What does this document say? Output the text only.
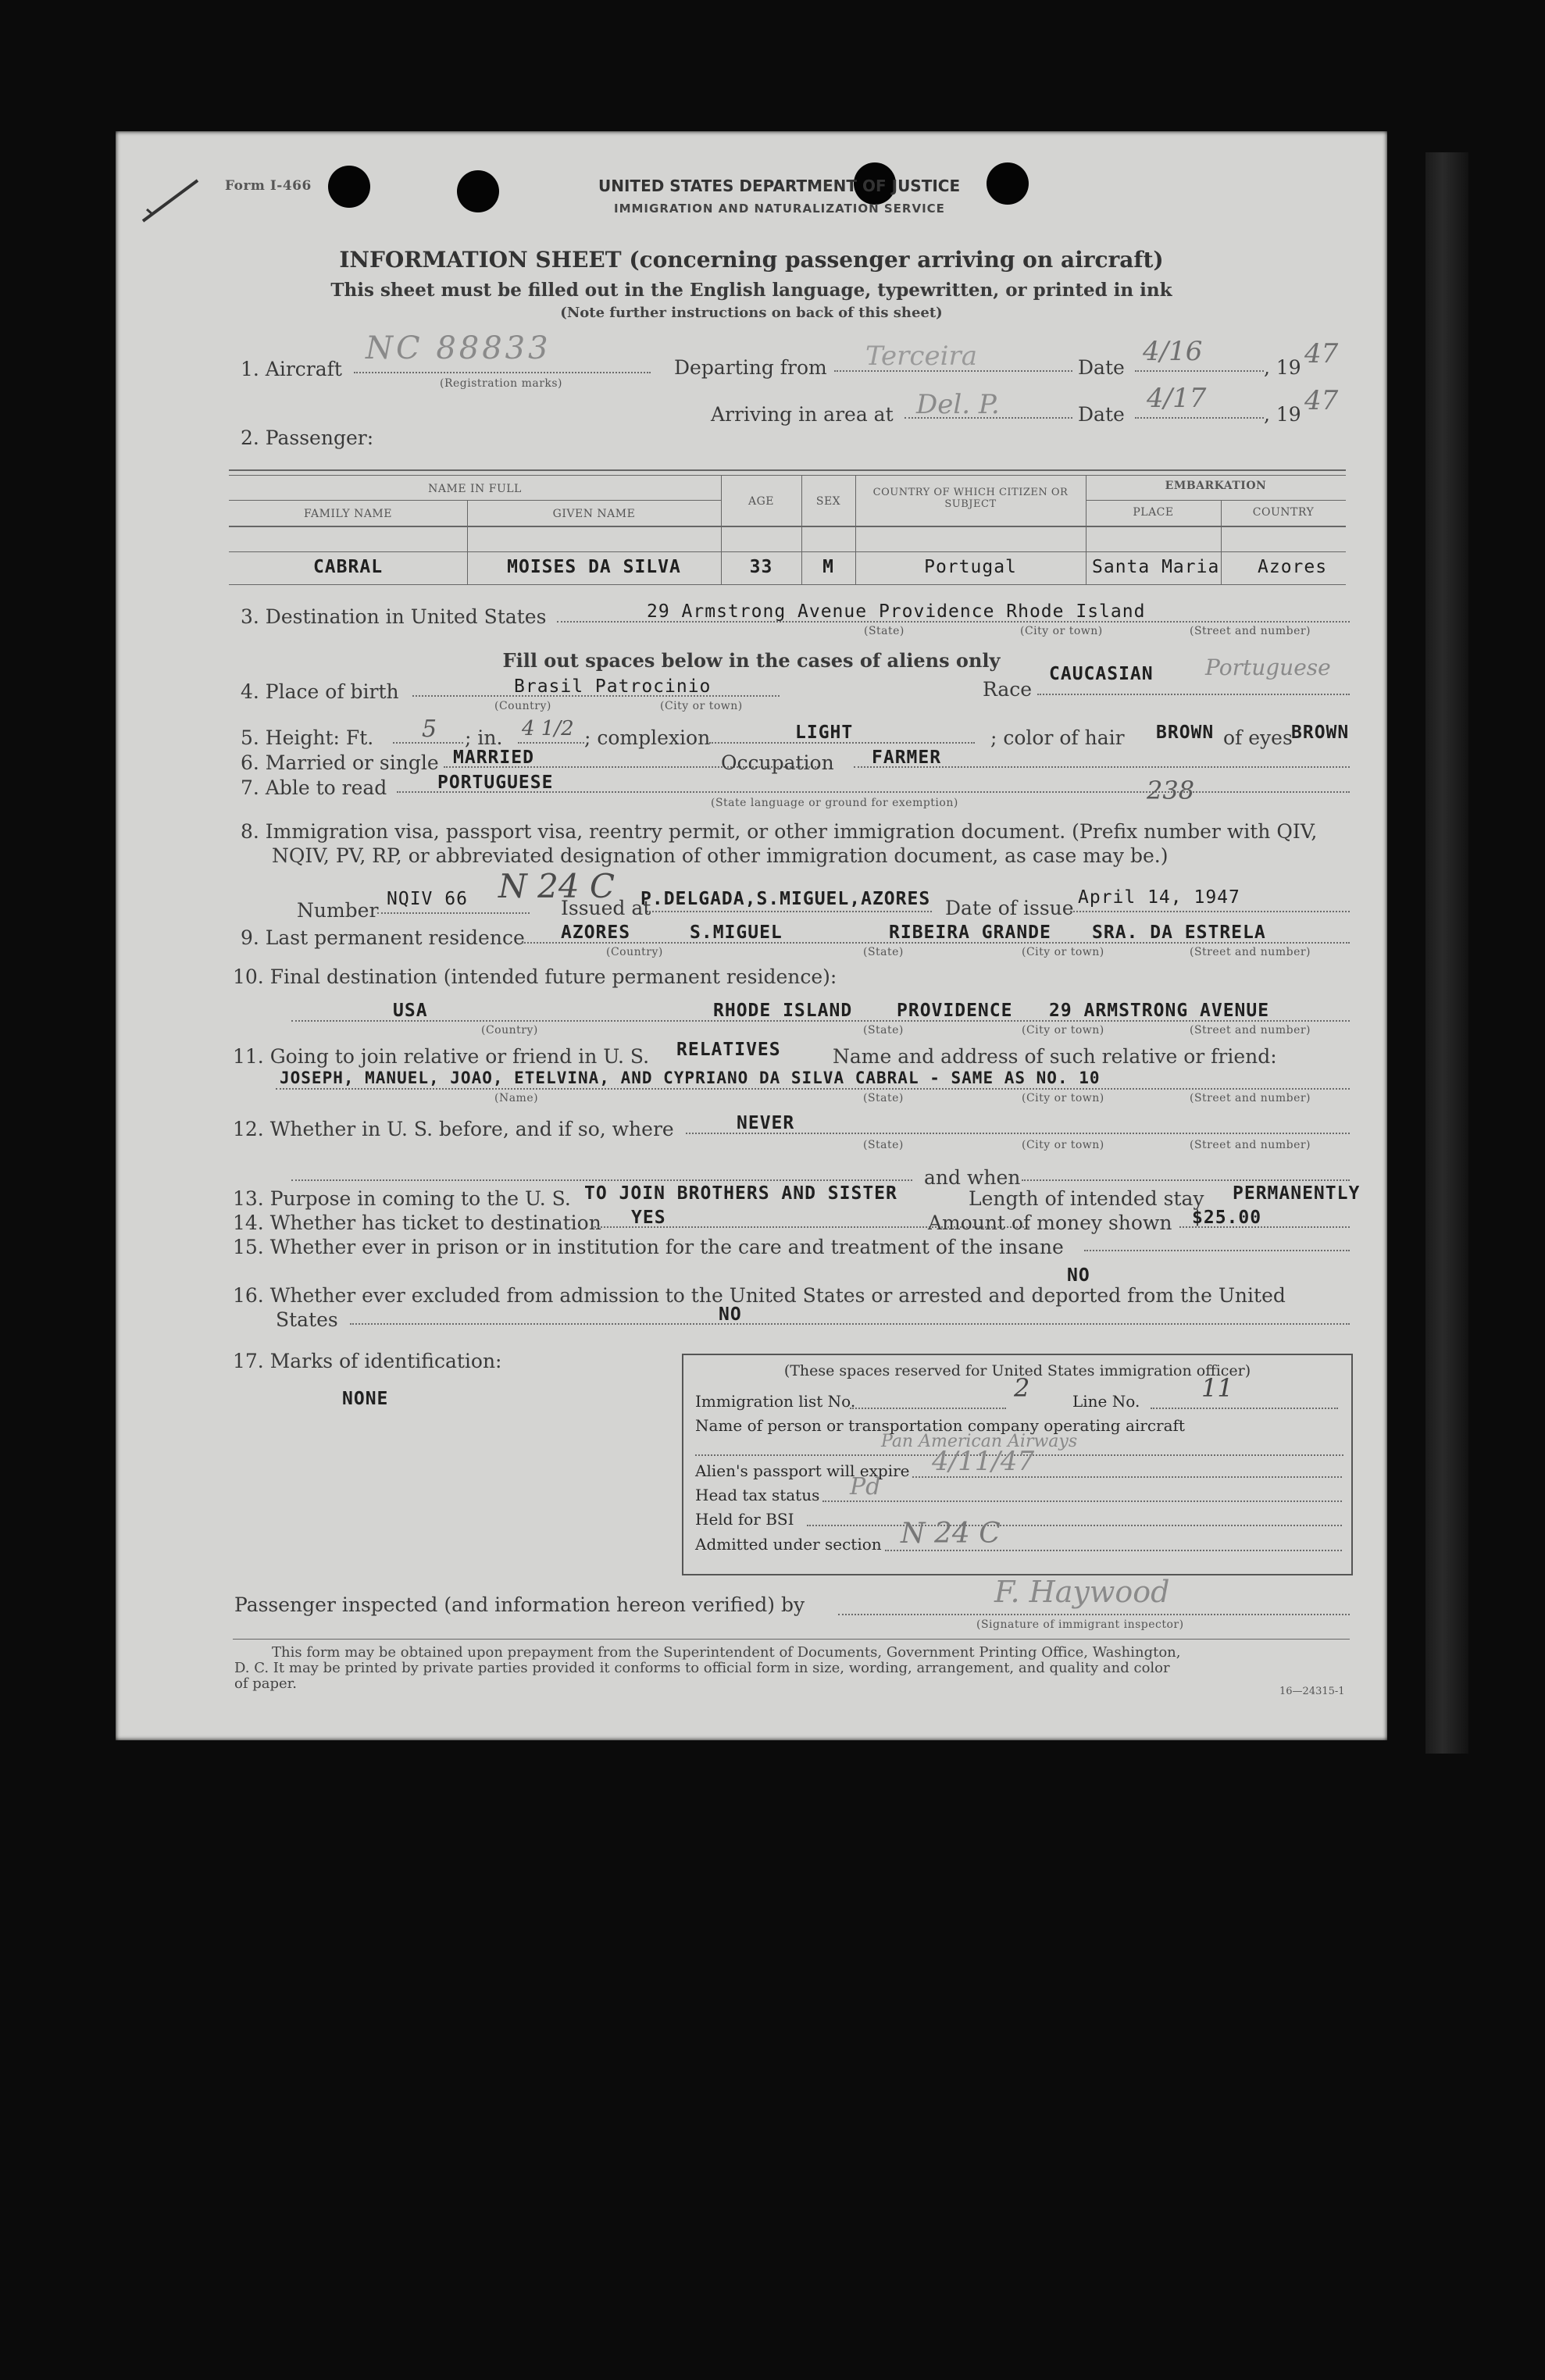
Form I-466	UNITED STATES DEPARTMENT OF JUSTICE
IMMIGRATION AND NATURALIZATION SERVICE
INFORMATION SHEET (concerning passenger arriving on aircraft)
This sheet must be filled out in the English language, typewritten, or printed in ink
(Note further instructions on back of this sheet)
1. Aircraft
NC 88833
(Registration marks)
Departing from Terceira	Date
4/16
, 19 47
Arriving in area at Del. P.	Date
4/17
, 19 47
2. Passenger:
NAME IN FULL
FAMILY NAME	GIVEN NAME
AGE	SEX
COUNTRY OF WHICH CITIZEN OR SUBJECT
EMBARKATION
PLACE	COUNTRY
CABRAL	MOISES DA SILVA	33	M	Portugal	Santa Maria Azores
3. Destination in United States	29 Armstrong Avenue Providence Rhode Island
(State)	(City or town)	(Street and number)
Fill out spaces below in the cases of aliens only
4. Place of birth	Brasil Patrocinio
(Country)	(City or town)
Race
CAUCASIAN Portuguese
5. Height: Ft. 5 ; in. 4 1/2 ; complexion	LIGHT	; color of hair BROWN of eyes
BROWN
6. Married or single MARRIED	Occupation FARMER
7. Able to read	PORTUGUESE
(State language or ground for exemption)	238
8. Immigration visa, passport visa, reentry permit, or other immigration document. (Prefix number with QIV,
NQIV, PV, RP, or abbreviated designation of other immigration document, as case may be.)
Number NQIV 66 N 24 C
Issued at
P.DELGADA,S.MIGUEL,AZORES Date of issue April 14, 1947
9. Last permanent residence AZORES	S.MIGUEL	RIBEIRA GRANDE SRA. DA ESTRELA
(Country)	(State)	(City or town)	(Street and number)
10. Final destination (intended future permanent residence):
USA	RHODE ISLAND PROVIDENCE 29 ARMSTRONG AVENUE
(Country)	(State)	(City or town)	(Street and number)
11. Going to join relative or friend in U. S. RELATIVES	Name and address of such relative or friend:
JOSEPH, MANUEL, JOAO, ETELVINA, AND CYPRIANO DA SILVA CABRAL - SAME AS NO. 10
(Name)	(State)	(City or town)	(Street and number)
12. Whether in U. S. before, and if so, where	NEVER
(State)	(City or town)	(Street and number)
and when
13. Purpose in coming to the U. S. TO JOIN BROTHERS AND SISTER	Length of intended stay PERMANENTLY
14. Whether has ticket to destination YES	Amount of money shown $25.00
15. Whether ever in prison or in institution for the care and treatment of the insane
NO
16. Whether ever excluded from admission to the United States or arrested and deported from the United
States	NO
17. Marks of identification:
NONE
(These spaces reserved for United States immigration officer)
Immigration list No.	2	Line No. 11
Name of person or transportation company operating aircraft
Pan American Airways
Alien's passport will expire 4/11/47
Head tax status Pd
Held for BSI
Admitted under section N 24 C
Passenger inspected (and information hereon verified) by	F. Haywood
(Signature of immigrant inspector)
This form may be obtained upon prepayment from the Superintendent of Documents, Government Printing Office, Washington,
D. C. It may be printed by private parties provided it conforms to official form in size, wording, arrangement, and quality and color
of paper.	16—24315-1
